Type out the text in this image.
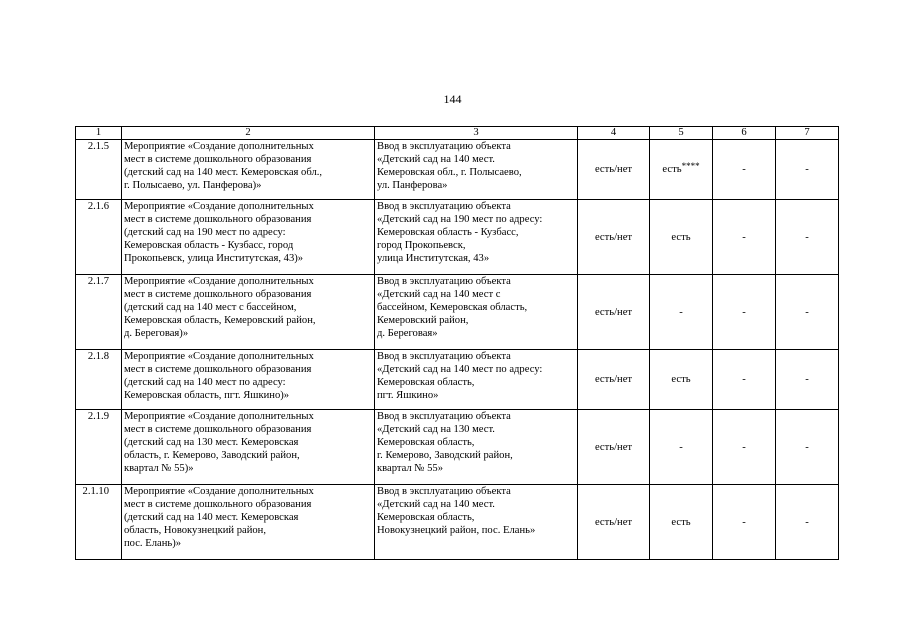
144
1	2	3	4	5	6	7
2.1.5	Мероприятие «Создание дополнительных
мест в системе дошкольного образования
(детский сад на 140 мест. Кемеровская обл.,
г. Полысаево, ул. Панферова)»	Ввод в эксплуатацию объекта
«Детский сад на 140 мест.
Кемеровская обл., г. Полысаево,
ул. Панферова»	есть/нет	есть****	-	-
2.1.6	Мероприятие «Создание дополнительных
мест в системе дошкольного образования
(детский сад на 190 мест по адресу:
Кемеровская область - Кузбасс, город
Прокопьевск, улица Институтская, 43)»	Ввод в эксплуатацию объекта
«Детский сад на 190 мест по адресу:
Кемеровская область - Кузбасс,
город Прокопьевск,
улица Институтская, 43»	есть/нет	есть	-	-
2.1.7	Мероприятие «Создание дополнительных
мест в системе дошкольного образования
(детский сад на 140 мест с бассейном,
Кемеровская область, Кемеровский район,
д. Береговая)»	Ввод в эксплуатацию объекта
«Детский сад на 140 мест с
бассейном, Кемеровская область,
Кемеровский район,
д. Береговая»	есть/нет	-	-	-
2.1.8	Мероприятие «Создание дополнительных
мест в системе дошкольного образования
(детский сад на 140 мест по адресу:
Кемеровская область, пгт. Яшкино)»	Ввод в эксплуатацию объекта
«Детский сад на 140 мест по адресу:
Кемеровская область,
пгт. Яшкино»	есть/нет	есть	-	-
2.1.9	Мероприятие «Создание дополнительных
мест в системе дошкольного образования
(детский сад на 130 мест. Кемеровская
область, г. Кемерово, Заводский район,
квартал № 55)»	Ввод в эксплуатацию объекта
«Детский сад на 130 мест.
Кемеровская область,
г. Кемерово, Заводский район,
квартал № 55»	есть/нет	-	-	-
2.1.10	Мероприятие «Создание дополнительных
мест в системе дошкольного образования
(детский сад на 140 мест. Кемеровская
область, Новокузнецкий район,
пос. Елань)»	Ввод в эксплуатацию объекта
«Детский сад на 140 мест.
Кемеровская область,
Новокузнецкий район, пос. Елань»	есть/нет	есть	-	-
